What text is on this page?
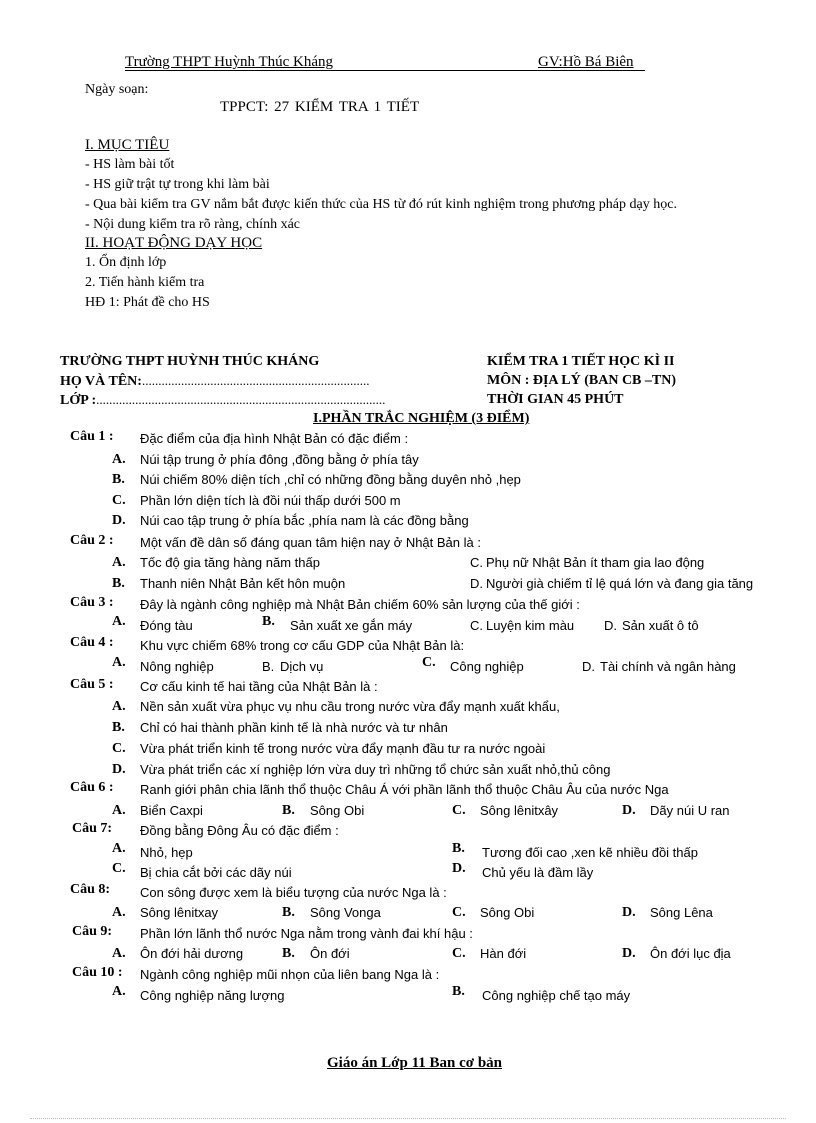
Trường THPT Huỳnh Thúc Kháng	GV:Hồ Bá Biên
Ngày soạn:
TPPCT: 27 KIỂM TRA 1 TIẾT
I. MỤC TIÊU
- HS làm bài tốt
- HS giữ trật tự trong khi làm bài
- Qua bài kiểm tra GV nắm bắt được kiến thức của HS từ đó rút kinh nghiệm trong phương pháp dạy học.
- Nội dung kiểm tra rõ ràng, chính xác
II. HOẠT ĐỘNG DẠY HỌC
1. Ổn định lớp
2. Tiến hành kiểm tra
HĐ 1: Phát đề cho HS
TRƯỜNG THPT HUỲNH THÚC KHÁNG
HỌ VÀ TÊN:......................................................................
LỚP :.........................................................................................
KIỂM TRA 1 TIẾT HỌC KÌ II
MÔN : ĐỊA LÝ (BAN CB –TN)
THỜI GIAN 45 PHÚT
I.PHẦN TRẮC NGHIỆM (3 ĐIỂM)
Câu 1 : Đặc điểm của địa hình Nhật Bản có đặc điểm :
A. Núi tập trung ở phía đông ,đồng bằng ở phía tây
B. Núi chiếm 80% diện tích ,chỉ có những đồng bằng duyên nhỏ ,hẹp
C. Phần lớn diện tích là đồi núi thấp dưới 500 m
D. Núi cao tập trung ở phía bắc ,phía nam là các đồng bằng
Câu 2 : Một vấn đề dân số đáng quan tâm hiện nay ở Nhật Bản là :
A. Tốc độ gia tăng hàng năm thấp	C. Phụ nữ Nhật Bản ít tham gia lao động
B. Thanh niên Nhật Bản kết hôn muộn	D. Người già chiếm tỉ lệ quá lớn và đang gia tăng
Câu 3 : Đây là ngành công nghiệp mà Nhật Bản chiếm 60% sản lượng của thế giới :
A. Đóng tàu	B. Sản xuất xe gắn máy	C. Luyện kim màu D. Sản xuất ô tô
Câu 4 : Khu vực chiếm 68% trong cơ cấu GDP của Nhật Bản là:
A. Nông nghiệp	B. Dịch vụ	C. Công nghiệp	D. Tài chính và ngân hàng
Câu 5 : Cơ cấu kinh tế hai tầng của Nhật Bản là :
A. Nền sản xuất vừa phục vụ nhu cầu trong nước vừa đẩy mạnh xuất khẩu,
B. Chỉ có hai thành phần kinh tế là nhà nước và tư nhân
C. Vừa phát triển kinh tế trong nước vừa đẩy mạnh đầu tư ra nước ngoài
D. Vừa phát triển các xí nghiệp lớn vừa duy trì những tổ chức sản xuất nhỏ,thủ công
Câu 6 : Ranh giới phân chia lãnh thổ thuộc Châu Á với phần lãnh thổ thuộc Châu Âu của nước Nga
A. Biển Caxpi	B. Sông Obi	C. Sông lênitxây	D. Dãy núi U ran
Câu 7: Đồng bằng Đông Âu có đặc điểm :
A. Nhỏ, hẹp	B. Tương đối cao ,xen kẽ nhiều đồi thấp
C. Bị chia cắt bởi các dãy núi	D. Chủ yếu là đầm lầy
Câu 8: Con sông được xem là biểu tượng của nước Nga là :
A. Sông lênitxay	B. Sông Vonga	C. Sông Obi	D. Sông Lêna
Câu 9: Phần lớn lãnh thổ nước Nga nằm trong vành đai khí hậu :
A. Ôn đới hải dương	B. Ôn đới	C. Hàn đới	D. Ôn đới lục địa
Câu 10 : Ngành công nghiệp mũi nhọn của liên bang Nga là :
A. Công nghiệp năng lượng	B. Công nghiệp chế tạo máy
Giáo án Lớp 11 Ban cơ bản
